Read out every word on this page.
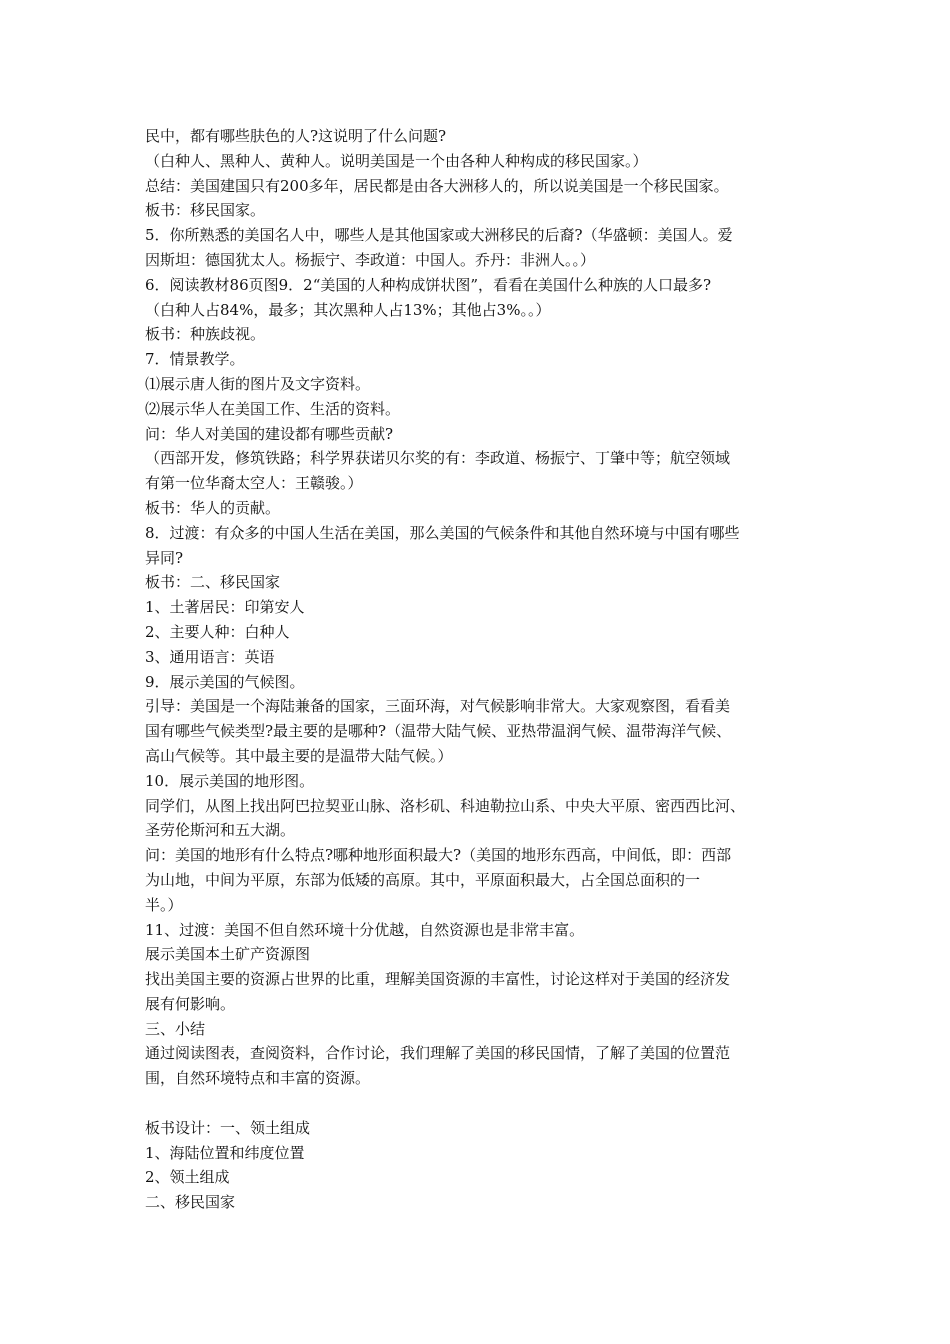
民中，都有哪些肤色的人?这说明了什么问题?
（白种人、黑种人、黄种人。说明美国是一个由各种人种构成的移民国家。）
总结：美国建国只有200多年，居民都是由各大洲移人的，所以说美国是一个移民国家。
板书：移民国家。
5．你所熟悉的美国名人中，哪些人是其他国家或大洲移民的后裔?（华盛顿：美国人。爱
因斯坦：德国犹太人。杨振宁、李政道：中国人。乔丹：非洲人。。）
6．阅读教材86页图9．2“美国的人种构成饼状图”，看看在美国什么种族的人口最多?
（白种人占84%，最多；其次黑种人占13%；其他占3%。。）
板书：种族歧视。
7．情景教学。
⑴展示唐人街的图片及文字资料。
⑵展示华人在美国工作、生活的资料。
问：华人对美国的建设都有哪些贡献?
（西部开发，修筑铁路；科学界获诺贝尔奖的有：李政道、杨振宁、丁肇中等；航空领域
有第一位华裔太空人：王赣骏。）
板书：华人的贡献。
8．过渡：有众多的中国人生活在美国，那么美国的气候条件和其他自然环境与中国有哪些
异同?
板书：二、移民国家
1、土著居民：印第安人
2、主要人种：白种人
3、通用语言：英语
9．展示美国的气候图。
引导：美国是一个海陆兼备的国家，三面环海，对气候影响非常大。大家观察图，看看美
国有哪些气候类型?最主要的是哪种?（温带大陆气候、亚热带温润气候、温带海洋气候、
高山气候等。其中最主要的是温带大陆气候。）
10．展示美国的地形图。
同学们，从图上找出阿巴拉契亚山脉、洛杉矶、科迪勒拉山系、中央大平原、密西西比河、
圣劳伦斯河和五大湖。
问：美国的地形有什么特点?哪种地形面积最大?（美国的地形东西高，中间低，即：西部
为山地，中间为平原，东部为低矮的高原。其中，平原面积最大，占全国总面积的一
半。）
11、过渡：美国不但自然环境十分优越，自然资源也是非常丰富。
展示美国本土矿产资源图
找出美国主要的资源占世界的比重，理解美国资源的丰富性，讨论这样对于美国的经济发
展有何影响。
三、小结
通过阅读图表，查阅资料，合作讨论，我们理解了美国的移民国情，了解了美国的位置范
围，自然环境特点和丰富的资源。
板书设计：一、领土组成
1、海陆位置和纬度位置
2、领土组成
二、移民国家
